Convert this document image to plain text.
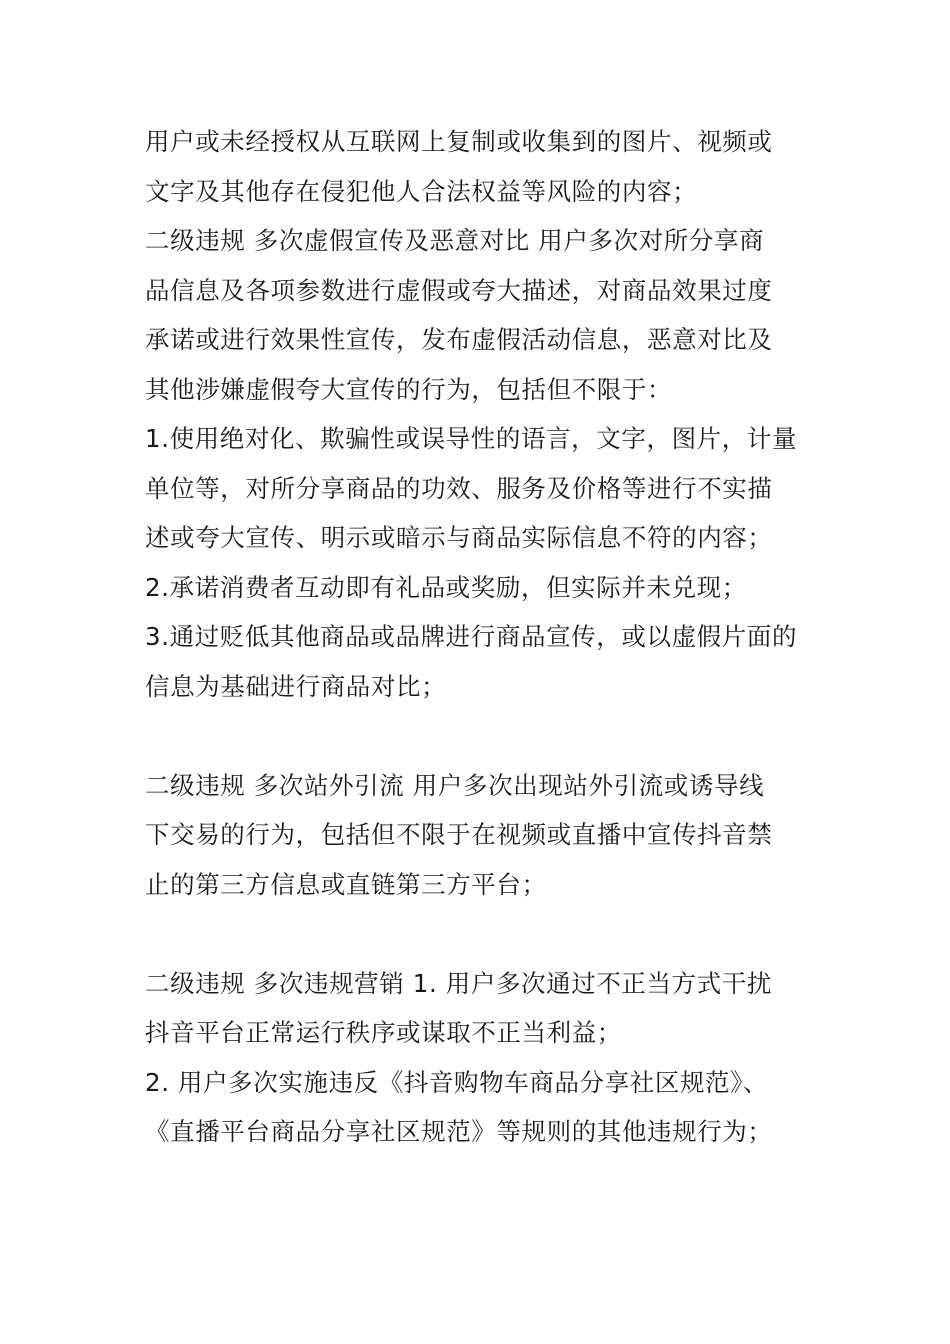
用户或未经授权从互联网上复制或收集到的图片、视频或
文字及其他存在侵犯他人合法权益等风险的内容；
二级违规 多次虚假宣传及恶意对比 用户多次对所分享商
品信息及各项参数进行虚假或夸大描述，对商品效果过度
承诺或进行效果性宣传，发布虚假活动信息，恶意对比及
其他涉嫌虚假夸大宣传的行为，包括但不限于：
1.使用绝对化、欺骗性或误导性的语言，文字，图片，计量
单位等，对所分享商品的功效、服务及价格等进行不实描
述或夸大宣传、明示或暗示与商品实际信息不符的内容；
2.承诺消费者互动即有礼品或奖励，但实际并未兑现；
3.通过贬低其他商品或品牌进行商品宣传，或以虚假片面的
信息为基础进行商品对比；
二级违规 多次站外引流 用户多次出现站外引流或诱导线
下交易的行为，包括但不限于在视频或直播中宣传抖音禁
止的第三方信息或直链第三方平台；
二级违规 多次违规营销 1. 用户多次通过不正当方式干扰
抖音平台正常运行秩序或谋取不正当利益；
2. 用户多次实施违反《抖音购物车商品分享社区规范》、
《直播平台商品分享社区规范》等规则的其他违规行为；
